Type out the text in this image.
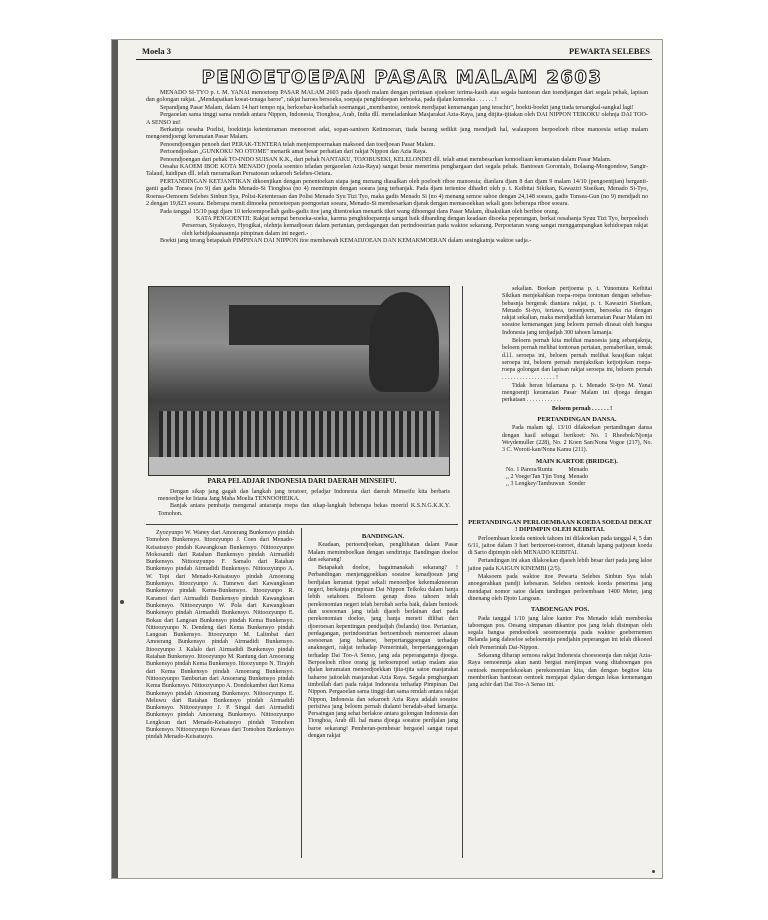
Moela 3	PEWARTA SELEBES
PENOETOEPAN PASAR MALAM 2603

MENADO SI-TYO p. t. M. YANAI menoetoep PASAR MALAM 2603 pada djaoeh malam dengan perintaan sjoekoer terima-kasih atas segala bantoean dan toendjangan dari segala pehak, lapisan dan golongan rakjat. „Mendapatkan koeat-tenaga baroe", rakjat haroes bersoeka, soepaja penghidoepan terboeka, pada djalan kemoeka . . . . . . !

Sepandjang Pasar Malam, dalam 14 hari tempo nja, berkoebar-koebarlah soemangat „membantoe, oentoek merdjapat kemenangan jang terachir", boekti-boekti jang tiada tersangkal-sangkal lagi!

Pergaoelan sama tinggi sama rendah antara Nippon, Indonesia, Tionghoa, Arab, India dll. meneladankan Masjarakat Azia-Raya, jang ditjita-tjitakan oleh DAI NIPPON TEIKOKU olehnja DAI TOO-A SENSO ini!

Berkatnja oesaha Poelisi, boektinja ketenteraman menoeroet adat, sopan-santoen Ketimoeran, tiada barang sedikit jang mendjadi hal, walaupoen berpoeloeh riboe manoesia setiap malam mengoendjoengi keramaian Pasar Malam.

Penoendjoengan penoeh dari PERAK-TENTERA telah menjempoernakan maksoed dan toedjoean Pasar Malam.

Pertoendjoekan „GUNKOKU NO OTOME" menarik amat besar perhatian dari rakjat Nippon dan Azia Raya.

Penoendjoengan dari pehak TO-INDO SUISAN K.K., dari pehak NANTAKU, TOJOBUSEKI, KELELONDEI dll. telah amat membesarkan kemoeliaan keramaian dalam Pasar Malam.

Oesaha KAOEM IBOE KOTA MENADO (poela soenteo teladan pergaoelan Azia-Raya) sangat besar menerima penghargaan dari segala pehak. Bantoean Gorontalo, Bolaang-Mongondow, Sangir-Talaud, haidipan dll. telah meramaikan Persatoean sekaroeh Selebes-Oetara.

PERTANDINGAN KETJANTIKAN dikoenjikan dengan penentoekan siapa jang menang diasalkan oleh poeloeh riboe manoesia; dianlara djam 8 dan djam 9 malam 14/10 (pengoentjian) berganti-ganti gadis Tonsea (no 9) dan gadis Menado-Si Tionghoa (no 4) memimpin dengan soeara jang terbanjak. Pada djam terientoe dihadiri oleh p. t. Keibitai Sikikan, Kawaziri Siseikan, Menado Si-Tyo, Roensa-Oemoem Selebes Sinbun Sya, Polisi-Ketenteraan dan Polisi Menado Syu Tizi Tyo, maka gadis Menado Si (no 4) menang semoe saboe dengan 24,148 soeara, gadis Tonsea-Gun (no 9) mendjadi no 2 dengan 19,823 soeara. Beberapa menit dimoeka penoetoepan poengoetan soeara, Menado-Si membesarkan djarak dengan memasoekkan sekali goes beberapa riboe soeara.

Pada tanggal 15/10 pagi djam 10 terkoempoellah gadis-gadis itoe jang ditentoekan menarik tiket wang diboengai dans Pasar Malam, disaksikan oleh beriboe orang.

KATA PENGOENTJI: Rakjat sempat bersoeka-soeka, karena penghidoepannja sangat baik dibanding dengan keadaan disoeka peperangan, berkat oesahanja Syuu Tizi Tyo, berpoeloeh Perseroan, Siyakusyo, Hyogikai, olehnja kemadjoean dalam pertanian, perdagangan dan perindoestrian pada waktoe sekarang. Perpoetaran wang sangat menggampangkan kehidoepan rakjat oleh kebidjaksanaannja pimpinan dalam ini negeri.-

Boekti jang terang betapakah PIMPINAN DAI NIPPON itoe membawah KEMADJOEAN DAN KEMAKMOERAN dalam sesingkatnja waktoe sadja.-

PARA PELADJAR INDONESIA DARI DAERAH MINSEIFU.

Dengan sikap jang gagah dan langkah jang teratoer, peladjar Indonesia dari daerah Minseifu kita berbaris menoedjoe ke Istana Jang Maha Moelia TENNOOHEIKA.

Banjak antara pembatja mengenal antaranja roepa dan sikap-langkah beberapa bekas moerid K.S.N.G.K.K.Y. Tomohon.

sekalian. Boekan pertjoema p. t. Yunomura Keibitai Sikikan menjekahkan roepa-roepa tontonan dengan sebebas-bebasnja bergerak diantara rakjat, p. t. Kawaziri Siseikan, Menado Si-tyo, tertawa, tersenjoem, bersoeka ria dengan rakjat sekalian, maka mendjadilah keramaian Pasar Malam ini soeatoe kemenangan jang beloem pernah dirasai oleh bangsa Indonesia jang terdjadjah 300 tahoen lamanja.

Beloem pernah kita melihat manoesia jang sebanjaknja, beloem pernah melihat tontonan pertaian, pemaberikan, temak d.l.l. seroepa ini, beloem pernah melihat keasjikan rakjat seroepa ini, beloem pernah menjaksikan ketjotjokan roepa-roepa golongan dan lapisan rakjat seroepa ini, beloem pernah . . . . . . . . . . . . . . . . . . !

Tidak heran bilamana p. t. Menado Si-tyo M. Yanai mengoentji keramaian Pasar Malam ini djoega dengan perkataan . . . . . . . . . . . .

Beloem pernah . . . . . . !

PERTANDINGAN DANSA.

Pada malam tgl. 13/10 dilakoekan pertandingan dansa dengan hasil sebagai berikoet: No. 1 Rheebok/Njonja Weydemuller (228), No. 2 Koen San/Nona Vogoe (217), No. 3 C. Woroti-kan/Nona Kamu (211).

MAIN KARTOE (BRIDGE).
No. 1 Parera/Runtu	Menado
,, 2 Voege/Tan Tjin Tong	Menado
,, 3 Lengkey/Tambuwun	Sonder

Zyozyunpo W. Waney dari Amoerang Bunkensyo pindah Tomohon Bunkensyo. Ittoozyunpo J. Coen dari Menado-Keisatsuyo pindah Kawangkoan Bunkensyo. Nittoozyunpo Mokosandi dari Ratahan Bunkensyo pindah Airmadidi Bunkensyo. Nittoozyunpo F. Samalo dari Ratahan Bunkensyo pindah Airmadidi Bunkensyo. Nittoozyunpo A. W. Tepi dari Menado-Keisatsuyo pindah Amoerang Bunkensyo. Ittoozyunpo A. Tumewu dari Kawangkoan Bunkensyo pindah Kema-Bunkensyo. Ittoozyunpo R. Karamoi dari Airmadidi Bunkensyo pindah Kawangkoan Bunkensyo. Nittoozyunpo W. Pola dari Kawangkoan Bunkensyo pindah Airmadidi Bunkensyo. Nittoozyunpo E. Bokau dari Langoan Bunkensyo pindah Kema Bunkensyo. Nittoozyunpo N. Dendeng dari Kema Bunkensyo pindah Langoan Bunkensyo. Ittoozyunpo M. Lalimbat dari Amoerang Bunkensyo pindah Airmadidi Bunkensyo. Ittoozyunpo J. Kalalo dari Airmadidi Bunkensyo pindah Ratahan Bunkensyo. Ittoozyunpo M. Rantung dari Amoerang Bunkensyo pindah Kema Bunkensyo. Ittoozyunpo N. Tirajoh dari Kema Bunkensyo pindah Amoerang Bunkensyo. Nittoozyunpo Tamburian dari Amoerang Bunkensyo pindah Kema Bunkensyo. Nittoozyunpo A. Dondokambei dari Kema Bunkensyo pindah Amoerang Bunkensyo. Nittoozyunpo E. Meluwu dari Ratahan Bunkensyo pindah Airmadidi Bunkensyo. Nittoozyunpo J. P. Singal dari Airmadidi Bunkensyo pindah Amoerang Bunkensyo. Nittoozyunpo Lengkoan dari Menado-Keisatsuyo pindah Tomohon Bunkensyo. Nittoozyunpo Kowaas dari Tomohon Bunkensyo pindah Menado-Keisatsuyo.

BANDINGAN.

Keadaan, pertoendjoekan, pengliihatan dalam Pasar Malam memimboelkan dengan sendirinja: Bandingan doeloe dan sekarang!

Betapakah doeloe, bagaimanakah sekarang? ! Perbandingan menjenggoekkan soeatoe kenadjoean jang berdjalan keramat tjepat sekali menoedjoe kekemakmoeran negeri, berkatnja pimpinan Dai Nippon Teikoku dalam hanja lebih setahoen. Beloem genap doea tahoen telah perekonomian negeri telah berobah serba baik, dalam bentoek dan soesoenan jang telah djaoeh berlainan dari pada perekonomian doeloe, jang hanja meneti dilihat dari djoeroesan kepentingan pendjadjah (belanda) itoe. Pertanian, perdagangan, perindoestrian bertoemboeh menoeroet alasan soesoenan jang baharoe, berpertanggoengan terhadap anaknegeri, rakjat terhadap Pemerintah, berpertanggoengan terhadap Dai Too-A Senso, jang ada peperangannja djoega. Berpoeloeh riboe orang jg terkoempoel setiap malam atas djalan keramaian menoedjoekkan tjita-tjita satoe masjarakat baharoe jaitoelah masjarakat Azia Raya. Segala penghargaan timbollah dari pada rakjat Indonesia terhadap Pimpinan Dai Nippon. Pergaoelan sama tinggi dan sama rendah antara rakjat Nippon, Indonesia dan sekaroeh Azia Raya adalah soeatoe peristiwa jang beloem pernah dialami beradab-abad lamanja. Persaingan jang sehat berlakoe antara golongan Indonesia dan Tionghoa, Arab dll. hal mana djoega soeatoe perdjalan jang baroe sekarang! Pemberan-pembesar bergaoel sangat rapat dengan rakjat

PERTANDINGAN PERLOEMBAAN KOEDA SOEDAI DEKAT ! DIPIMPIN OLEH KEIBITAI.

Perloembaan koeda oentoek tahoen ini dilakoekan pada tanggal 4, 5 dan 6/11, jaitoe dalam 3 hari bertoeroet-toeroet, ditanah lapang patjoean koeda di Sario dipimpin oleh MENADO KEIBITAI.

Pertandingan ini akan dilakoekan djaoeh lebih besar dari pada jang laloe jaitoe pada KAIGUN KINEMBI (2/5).

Maksoem pada waktoe itoe Pewarta Selebes Sinbun Sya telah anoegerahkan pandji kebesaran. Selebes oentoek koeda penerima jang mendapat nomor satoe dalam tandingan perloembaan 1400 Meter, jang dinenang oleh Djoto Langoan.

TABOENGAN POS.

Pada tanggal 1/10 jang laloe kantor Pos Menado telah membeoka taboengan pos. Oesang simpanan dikantor pos jang telah disimpan oleh segala bangsa pendoedoek seoemoemnja pada waktoe goebernemen Belanda jang dahoeloe sebeloemnja pendjahin peperangan ini telah dikoeed oleh Pemerintah Dai-Nippon.

Sekarang diharap semoea rakjat Indonesia choesoesnja dan rakjat Azia-Raya oemoemnja akan nanti bergiat menjimpan wang ditaboengan pos oentoek memperlekoekan perekonomian kita, dan dengan begitoe kita memberikan bantoean oentoek menjapai djalan dengan lekas kemenangan jang achir dari Dai Too-A Senso ini.
